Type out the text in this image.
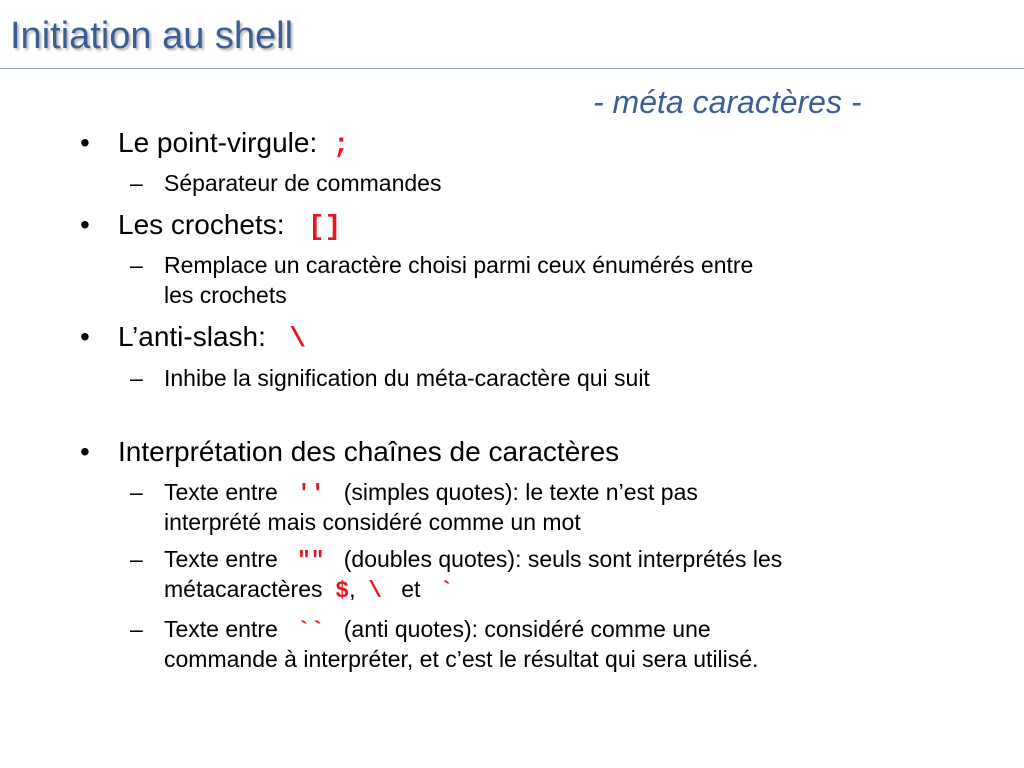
Initiation au shell
- méta caractères -
• Le point-virgule: ;
– Séparateur de commandes
• Les crochets: []
– Remplace un caractère choisi parmi ceux énumérés entre
les crochets
• L’anti-slash: \
– Inhibe la signification du méta-caractère qui suit
• Interprétation des chaînes de caractères
– Texte entre '' (simples quotes): le texte n’est pas
interprété mais considéré comme un mot
– Texte entre "" (doubles quotes): seuls sont interprétés les
métacaractères $, \ et `
– Texte entre `` (anti quotes): considéré comme une
commande à interpréter, et c’est le résultat qui sera utilisé.
